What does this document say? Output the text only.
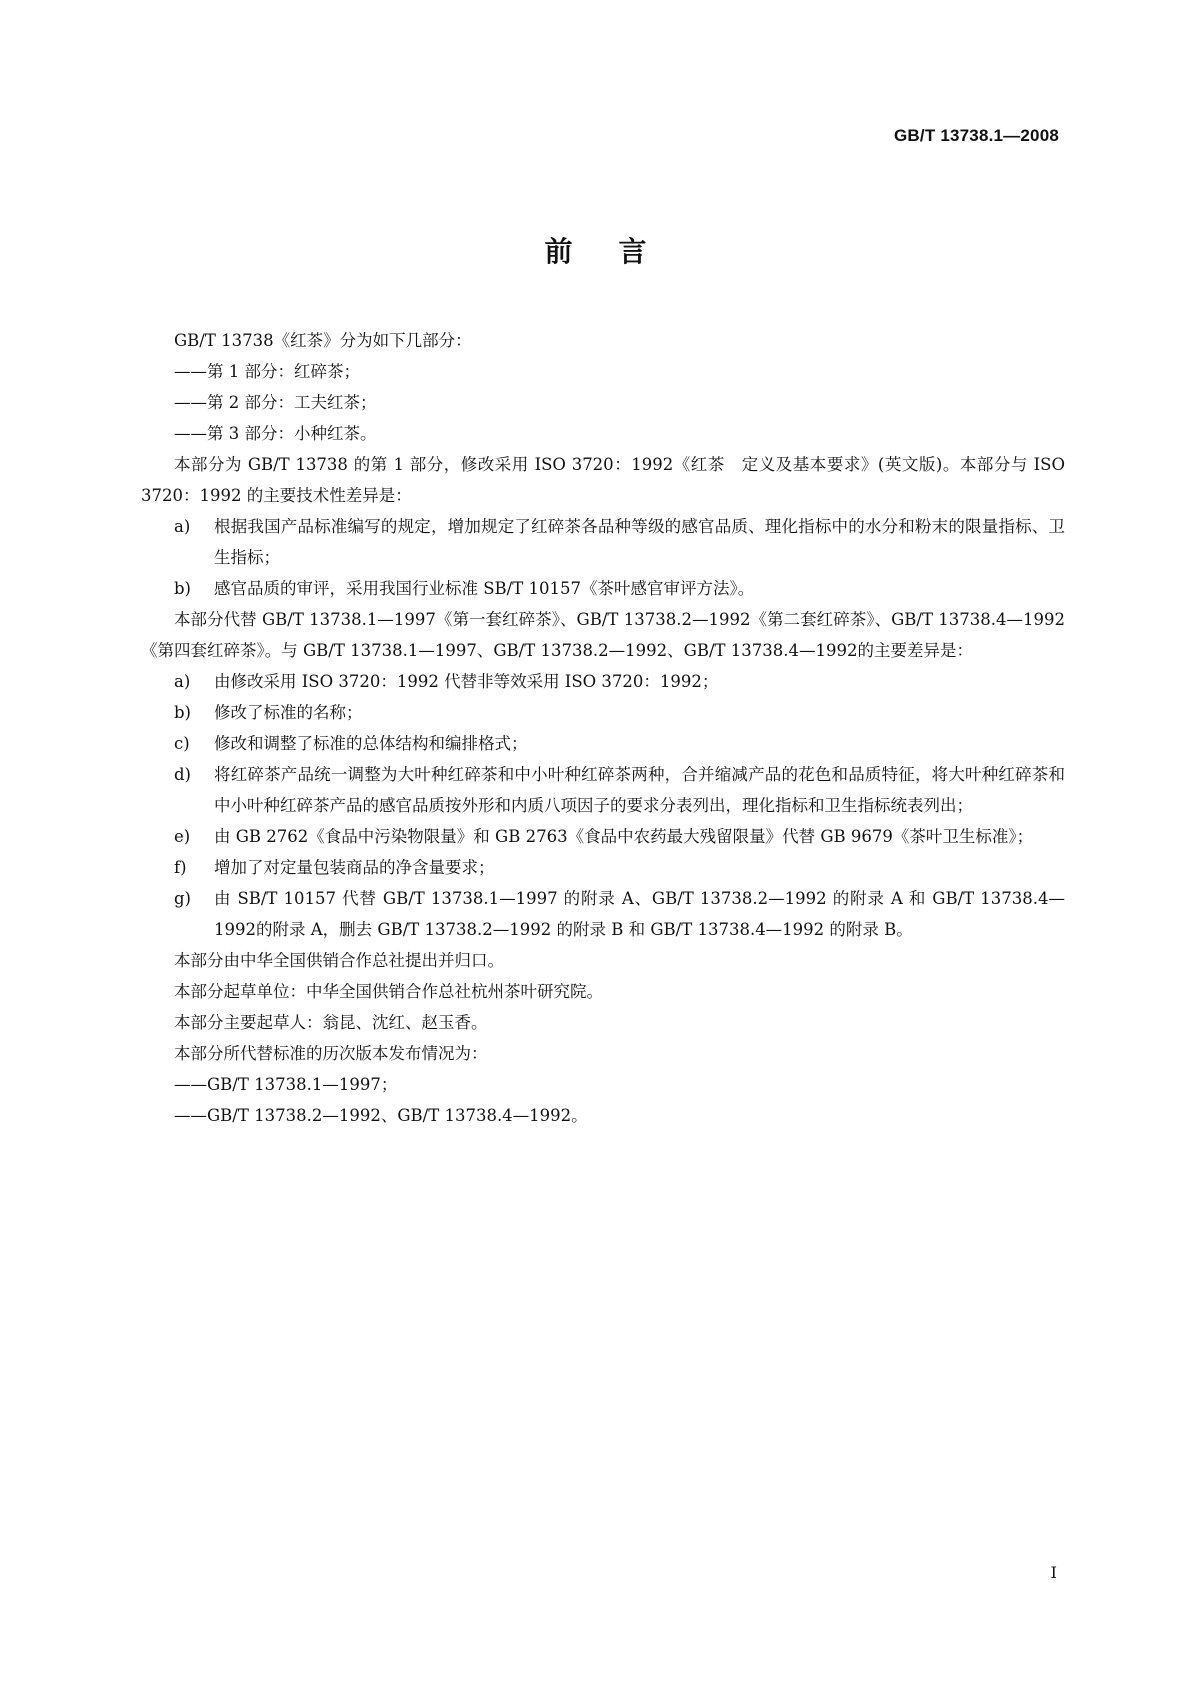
GB/T 13738.1—2008
前言

GB/T 13738《红茶》分为如下几部分：

——第 1 部分：红碎茶；

——第 2 部分：工夫红茶；

——第 3 部分：小种红茶。

本部分为 GB/T 13738 的第 1 部分，修改采用 ISO 3720：1992《红茶　定义及基本要求》(英文版)。本部分与 ISO 3720：1992 的主要技术性差异是：

a)	根据我国产品标准编写的规定，增加规定了红碎茶各品种等级的感官品质、理化指标中的水分和粉末的限量指标、卫生指标；
b)	感官品质的审评，采用我国行业标准 SB/T 10157《茶叶感官审评方法》。

本部分代替 GB/T 13738.1—1997《第一套红碎茶》、GB/T 13738.2—1992《第二套红碎茶》、GB/T 13738.4—1992《第四套红碎茶》。与 GB/T 13738.1—1997、GB/T 13738.2—1992、GB/T 13738.4—1992的主要差异是：

a)	由修改采用 ISO 3720：1992 代替非等效采用 ISO 3720：1992；
b)	修改了标准的名称；
c)	修改和调整了标准的总体结构和编排格式；
d)	将红碎茶产品统一调整为大叶种红碎茶和中小叶种红碎茶两种，合并缩减产品的花色和品质特征，将大叶种红碎茶和中小叶种红碎茶产品的感官品质按外形和内质八项因子的要求分表列出，理化指标和卫生指标统表列出；
e)	由 GB 2762《食品中污染物限量》和 GB 2763《食品中农药最大残留限量》代替 GB 9679《茶叶卫生标准》；
f)	增加了对定量包装商品的净含量要求；
g)	由 SB/T 10157 代替 GB/T 13738.1—1997 的附录 A、GB/T 13738.2—1992 的附录 A 和 GB/T 13738.4—1992的附录 A，删去 GB/T 13738.2—1992 的附录 B 和 GB/T 13738.4—1992 的附录 B。

本部分由中华全国供销合作总社提出并归口。

本部分起草单位：中华全国供销合作总社杭州茶叶研究院。

本部分主要起草人：翁昆、沈红、赵玉香。

本部分所代替标准的历次版本发布情况为：

——GB/T 13738.1—1997；

——GB/T 13738.2—1992、GB/T 13738.4—1992。

I
